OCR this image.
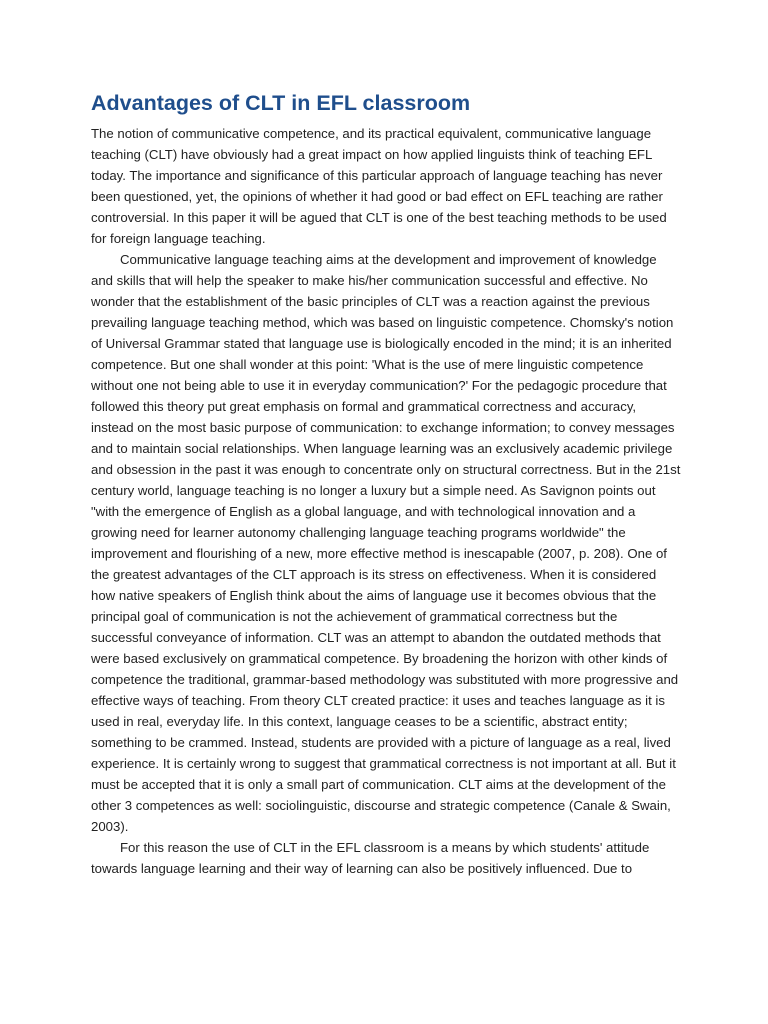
Advantages of CLT in EFL classroom

The notion of communicative competence, and its practical equivalent, communicative language teaching (CLT) have obviously had a great impact on how applied linguists think of teaching EFL today. The importance and significance of this particular approach of language teaching has never been questioned, yet, the opinions of whether it had good or bad effect on EFL teaching are rather controversial. In this paper it will be agued that CLT is one of the best teaching methods to be used for foreign language teaching.

Communicative language teaching aims at the development and improvement of knowledge and skills that will help the speaker to make his/her communication successful and effective. No wonder that the establishment of the basic principles of CLT was a reaction against the previous prevailing language teaching method, which was based on linguistic competence. Chomsky's notion of Universal Grammar stated that language use is biologically encoded in the mind; it is an inherited competence. But one shall wonder at this point: 'What is the use of mere linguistic competence without one not being able to use it in everyday communication?' For the pedagogic procedure that followed this theory put great emphasis on formal and grammatical correctness and accuracy, instead on the most basic purpose of communication: to exchange information; to convey messages and to maintain social relationships. When language learning was an exclusively academic privilege and obsession in the past it was enough to concentrate only on structural correctness. But in the 21st century world, language teaching is no longer a luxury but a simple need. As Savignon points out "with the emergence of English as a global language, and with technological innovation and a growing need for learner autonomy challenging language teaching programs worldwide" the improvement and flourishing of a new, more effective method is inescapable (2007, p. 208). One of the greatest advantages of the CLT approach is its stress on effectiveness. When it is considered how native speakers of English think about the aims of language use it becomes obvious that the principal goal of communication is not the achievement of grammatical correctness but the successful conveyance of information. CLT was an attempt to abandon the outdated methods that were based exclusively on grammatical competence. By broadening the horizon with other kinds of competence the traditional, grammar-based methodology was substituted with more progressive and effective ways of teaching. From theory CLT created practice: it uses and teaches language as it is used in real, everyday life. In this context, language ceases to be a scientific, abstract entity; something to be crammed. Instead, students are provided with a picture of language as a real, lived experience. It is certainly wrong to suggest that grammatical correctness is not important at all. But it must be accepted that it is only a small part of communication. CLT aims at the development of the other 3 competences as well: sociolinguistic, discourse and strategic competence (Canale & Swain, 2003).

For this reason the use of CLT in the EFL classroom is a means by which students' attitude towards language learning and their way of learning can also be positively influenced. Due to
